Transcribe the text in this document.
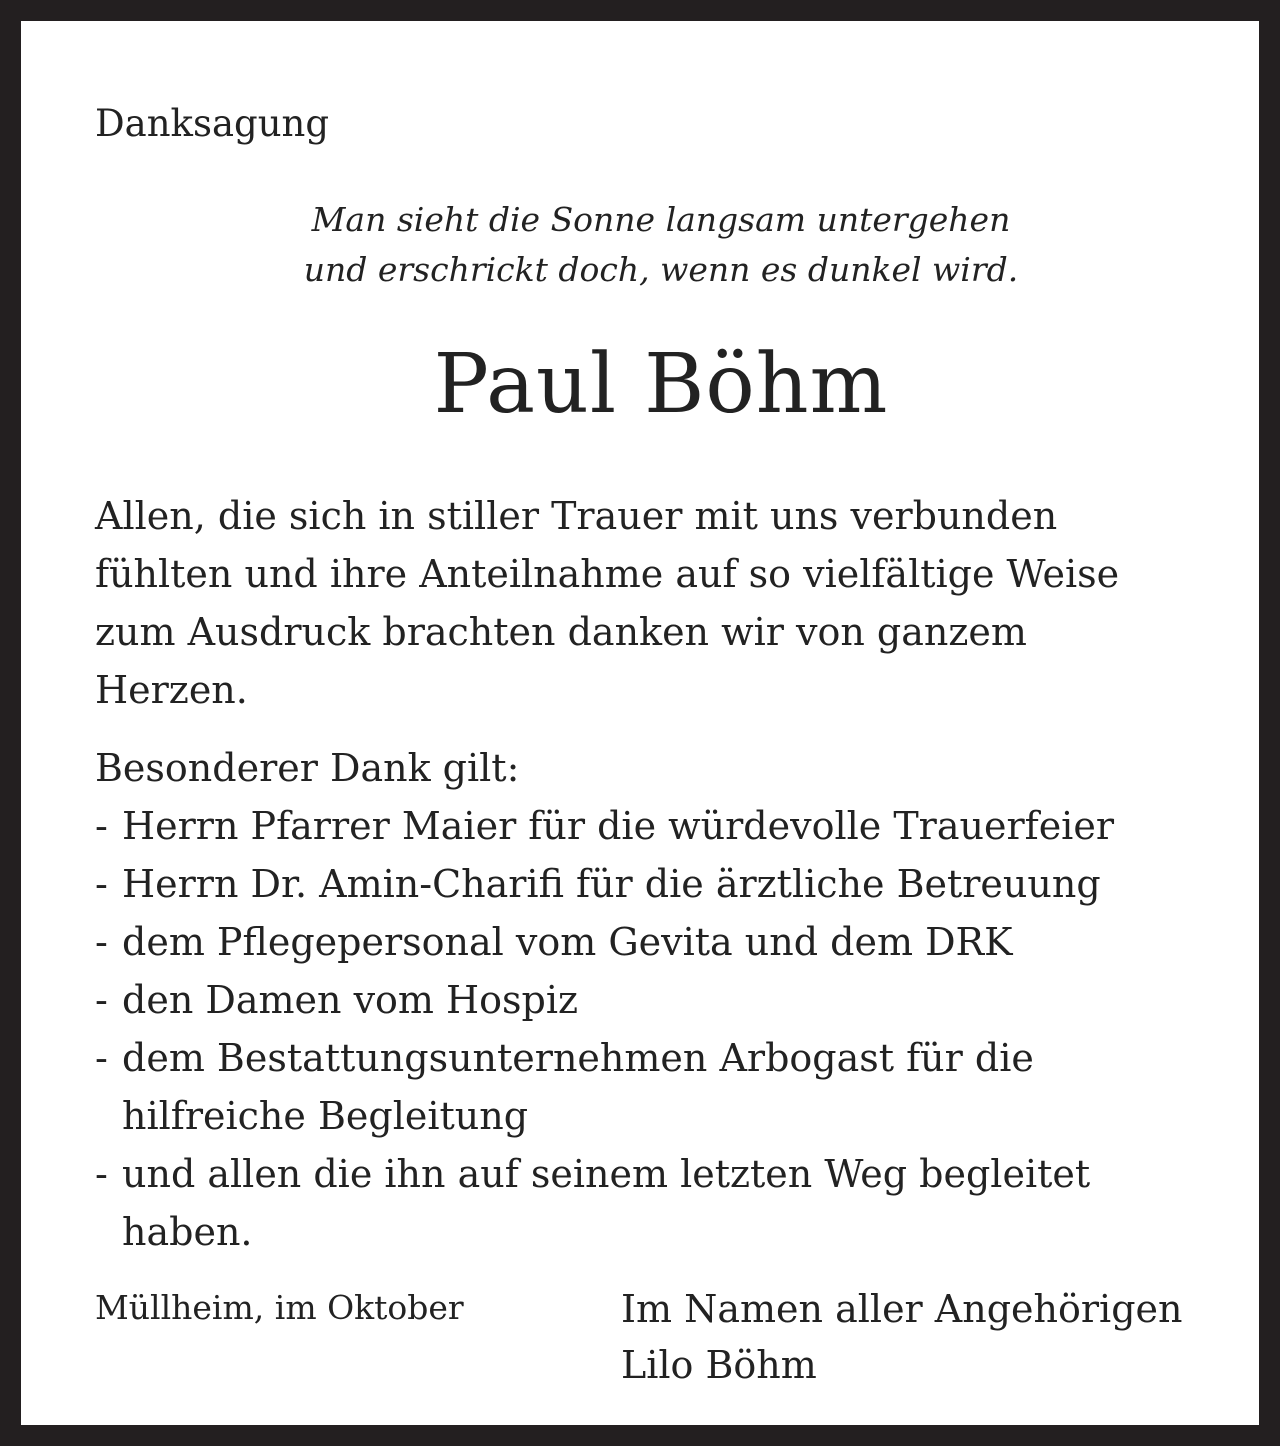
Danksagung

Man sieht die Sonne langsam untergehen
und erschrickt doch, wenn es dunkel wird.

Paul Böhm

Allen, die sich in stiller Trauer mit uns verbunden
fühlten und ihre Anteilnahme auf so vielfältige Weise
zum Ausdruck brachten danken wir von ganzem
Herzen.

Besonderer Dank gilt:

- Herrn Pfarrer Maier für die würdevolle Trauerfeier
- Herrn Dr. Amin-Charifi für die ärztliche Betreuung
- dem Pflegepersonal vom Gevita und dem DRK
- den Damen vom Hospiz
- dem Bestattungsunternehmen Arbogast für die
hilfreiche Begleitung
- und allen die ihn auf seinem letzten Weg begleitet
haben.

Müllheim, im Oktober	Im Namen aller Angehörigen
Lilo Böhm
